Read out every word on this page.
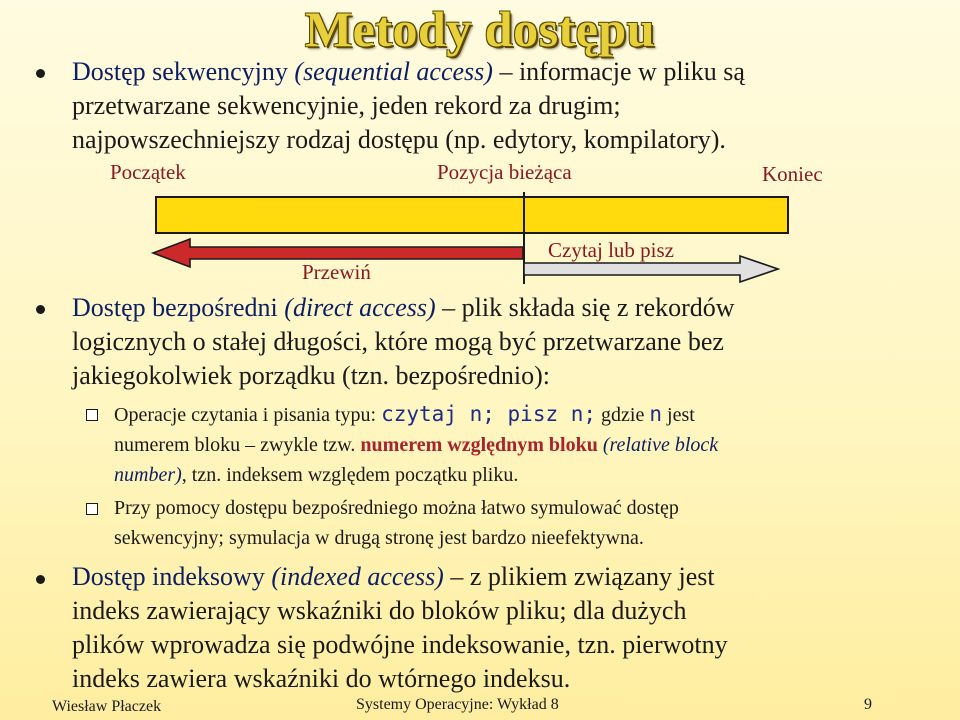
Metody dostępu
Dostęp sekwencyjny (sequential access) – informacje w pliku są
przetwarzane sekwencyjnie, jeden rekord za drugim;
najpowszechniejszy rodzaj dostępu (np. edytory, kompilatory).
Początek	Pozycja bieżąca	Koniec
Czytaj lub pisz
Przewiń
Dostęp bezpośredni (direct access) – plik składa się z rekordów
logicznych o stałej długości, które mogą być przetwarzane bez
jakiegokolwiek porządku (tzn. bezpośrednio):
Operacje czytania i pisania typu: czytaj n; pisz n; gdzie n jest
numerem bloku – zwykle tzw. numerem względnym bloku (relative block
number), tzn. indeksem względem początku pliku.
Przy pomocy dostępu bezpośredniego można łatwo symulować dostęp
sekwencyjny; symulacja w drugą stronę jest bardzo nieefektywna.
Dostęp indeksowy (indexed access) – z plikiem związany jest
indeks zawierający wskaźniki do bloków pliku; dla dużych
plików wprowadza się podwójne indeksowanie, tzn. pierwotny
indeks zawiera wskaźniki do wtórnego indeksu.
Wiesław Płaczek	Systemy Operacyjne: Wykład 8	9
